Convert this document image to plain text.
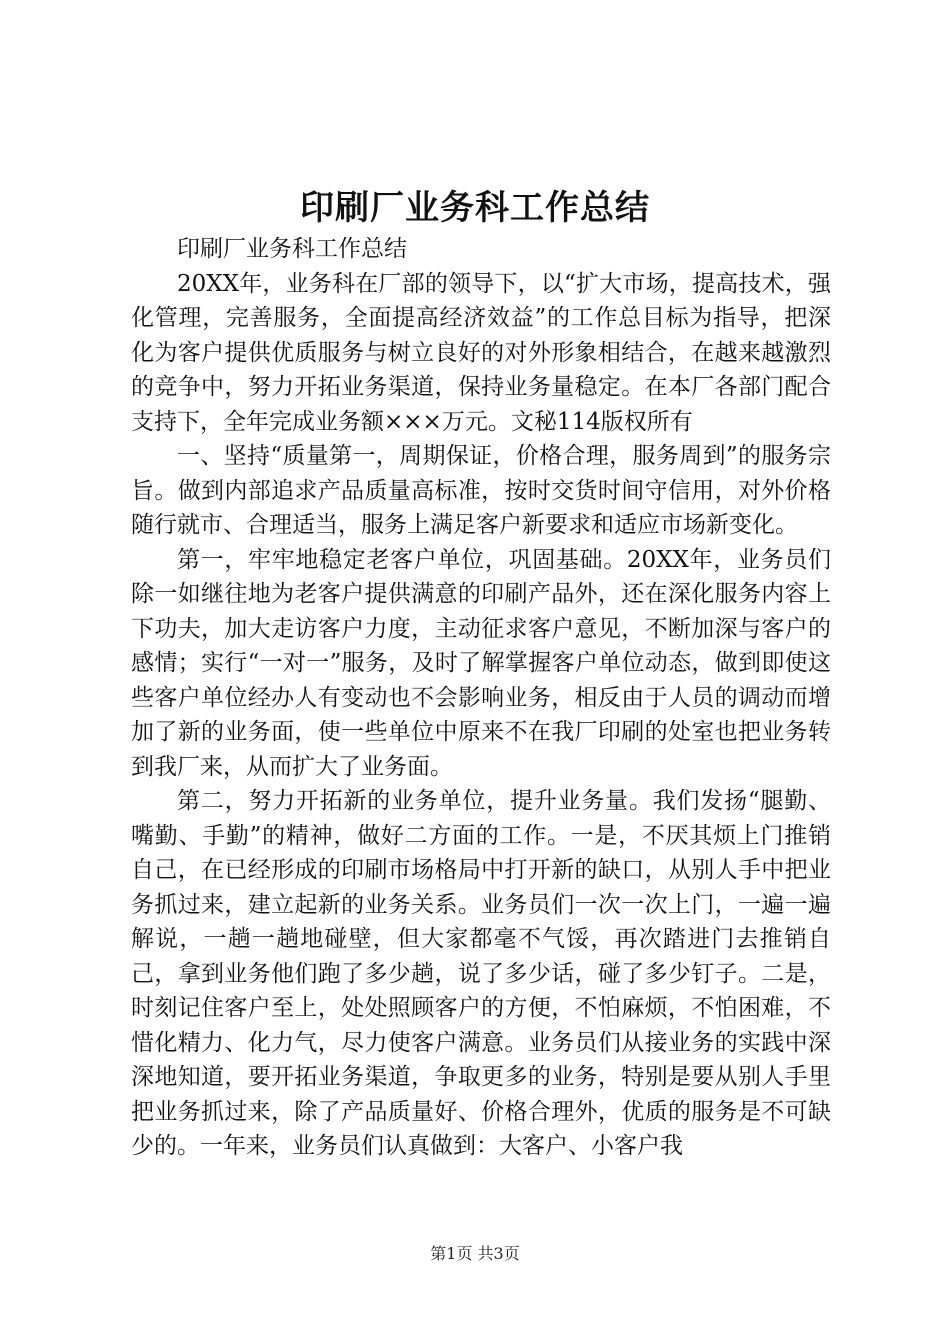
印刷厂业务科工作总结

印刷厂业务科工作总结

20XX年，业务科在厂部的领导下，以“扩大市场，提高技术，强化管理，完善服务，全面提高经济效益”的工作总目标为指导，把深化为客户提供优质服务与树立良好的对外形象相结合，在越来越激烈的竞争中，努力开拓业务渠道，保持业务量稳定。在本厂各部门配合支持下，全年完成业务额×××万元。文秘114版权所有

一、坚持“质量第一，周期保证，价格合理，服务周到”的服务宗旨。做到内部追求产品质量高标准，按时交货时间守信用，对外价格随行就市、合理适当，服务上满足客户新要求和适应市场新变化。

第一，牢牢地稳定老客户单位，巩固基础。20XX年，业务员们除一如继往地为老客户提供满意的印刷产品外，还在深化服务内容上下功夫，加大走访客户力度，主动征求客户意见，不断加深与客户的感情；实行“一对一”服务，及时了解掌握客户单位动态，做到即使这些客户单位经办人有变动也不会影响业务，相反由于人员的调动而增加了新的业务面，使一些单位中原来不在我厂印刷的处室也把业务转到我厂来，从而扩大了业务面。

第二，努力开拓新的业务单位，提升业务量。我们发扬“腿勤、嘴勤、手勤”的精神，做好二方面的工作。一是，不厌其烦上门推销自己，在已经形成的印刷市场格局中打开新的缺口，从别人手中把业务抓过来，建立起新的业务关系。业务员们一次一次上门，一遍一遍解说，一趟一趟地碰壁，但大家都毫不气馁，再次踏进门去推销自己，拿到业务他们跑了多少趟，说了多少话，碰了多少钉子。二是，时刻记住客户至上，处处照顾客户的方便，不怕麻烦，不怕困难，不惜化精力、化力气，尽力使客户满意。业务员们从接业务的实践中深深地知道，要开拓业务渠道，争取更多的业务，特别是要从别人手里把业务抓过来，除了产品质量好、价格合理外，优质的服务是不可缺少的。一年来，业务员们认真做到：大客户、小客户我

第1页 共3页
